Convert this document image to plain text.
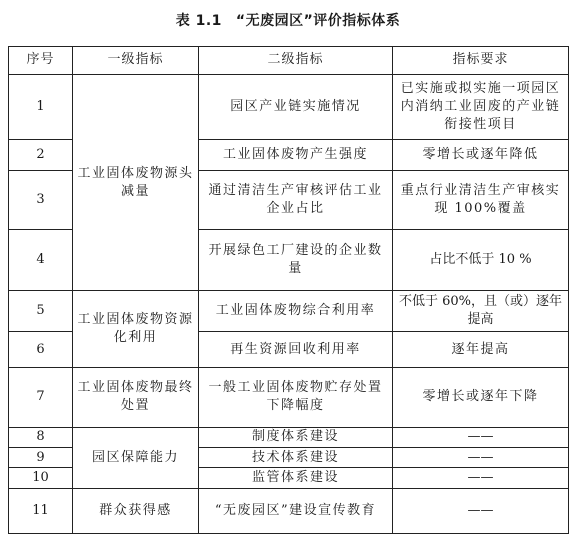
表 1.1 “无废园区”评价指标体系
序号	一级指标	二级指标	指标要求
1	工业固体废物源头减量	园区产业链实施情况	已实施或拟实施一项园区内消纳工业固废的产业链衔接性项目
2		工业固体废物产生强度	零增长或逐年降低
3		通过清洁生产审核评估工业企业占比	重点行业清洁生产审核实现 100%覆盖
4		开展绿色工厂建设的企业数量	占比不低于 10 %
5	工业固体废物资源化利用	工业固体废物综合利用率	不低于 60%，且（或）逐年提高
6		再生资源回收利用率	逐年提高
7	工业固体废物最终处置	一般工业固体废物贮存处置下降幅度	零增长或逐年下降
8	园区保障能力	制度体系建设	——
9		技术体系建设	——
10		监管体系建设	——
11	群众获得感	“无废园区”建设宣传教育	——
